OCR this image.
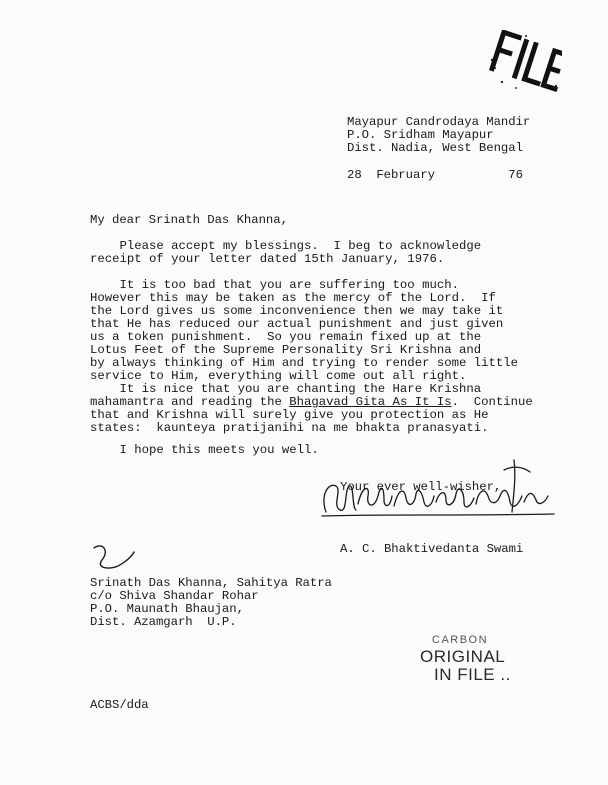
Mayapur Candrodaya Mandir
P.O. Sridham Mayapur
Dist. Nadia, West Bengal
28  February          76
My dear Srinath Das Khanna,
Please accept my blessings.  I beg to acknowledge
receipt of your letter dated 15th January, 1976.
It is too bad that you are suffering too much.
However this may be taken as the mercy of the Lord.  If
the Lord gives us some inconvenience then we may take it
that He has reduced our actual punishment and just given
us a token punishment.  So you remain fixed up at the
Lotus Feet of the Supreme Personality Sri Krishna and
by always thinking of Him and trying to render some little
service to Him, everything will come out all right.
It is nice that you are chanting the Hare Krishna
mahamantra and reading the Bhagavad Gita As It Is.  Continue
that and Krishna will surely give you protection as He
states:  kaunteya pratijanihi na me bhakta pranasyati.
I hope this meets you well.
Your ever well-wisher,
A. C. Bhaktivedanta Swami
Srinath Das Khanna, Sahitya Ratra
c/o Shiva Shandar Rohar
P.O. Maunath Bhaujan,
Dist. Azamgarh  U.P.
CARBON
ORIGINAL
IN FILE ..
ACBS/dda
